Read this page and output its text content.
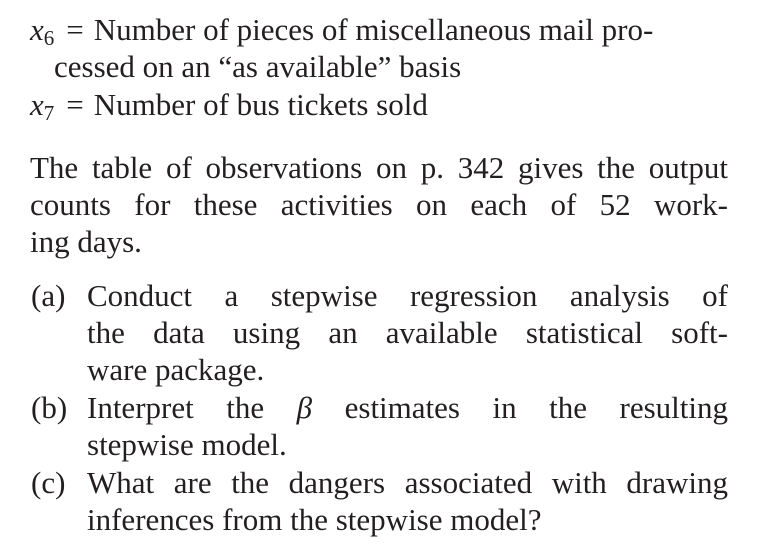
$x_6$ = Number of pieces of miscellaneous mail pro-
cessed on an “as available” basis
$x_7$ = Number of bus tickets sold
The table of observations on p. 342 gives the output
counts for these activities on each of 52 work-
ing days.
(a) Conduct a stepwise regression analysis of
the data using an available statistical soft-
ware package.
(b) Interpret the β estimates in the resulting
stepwise model.
(c) What are the dangers associated with drawing
inferences from the stepwise model?
